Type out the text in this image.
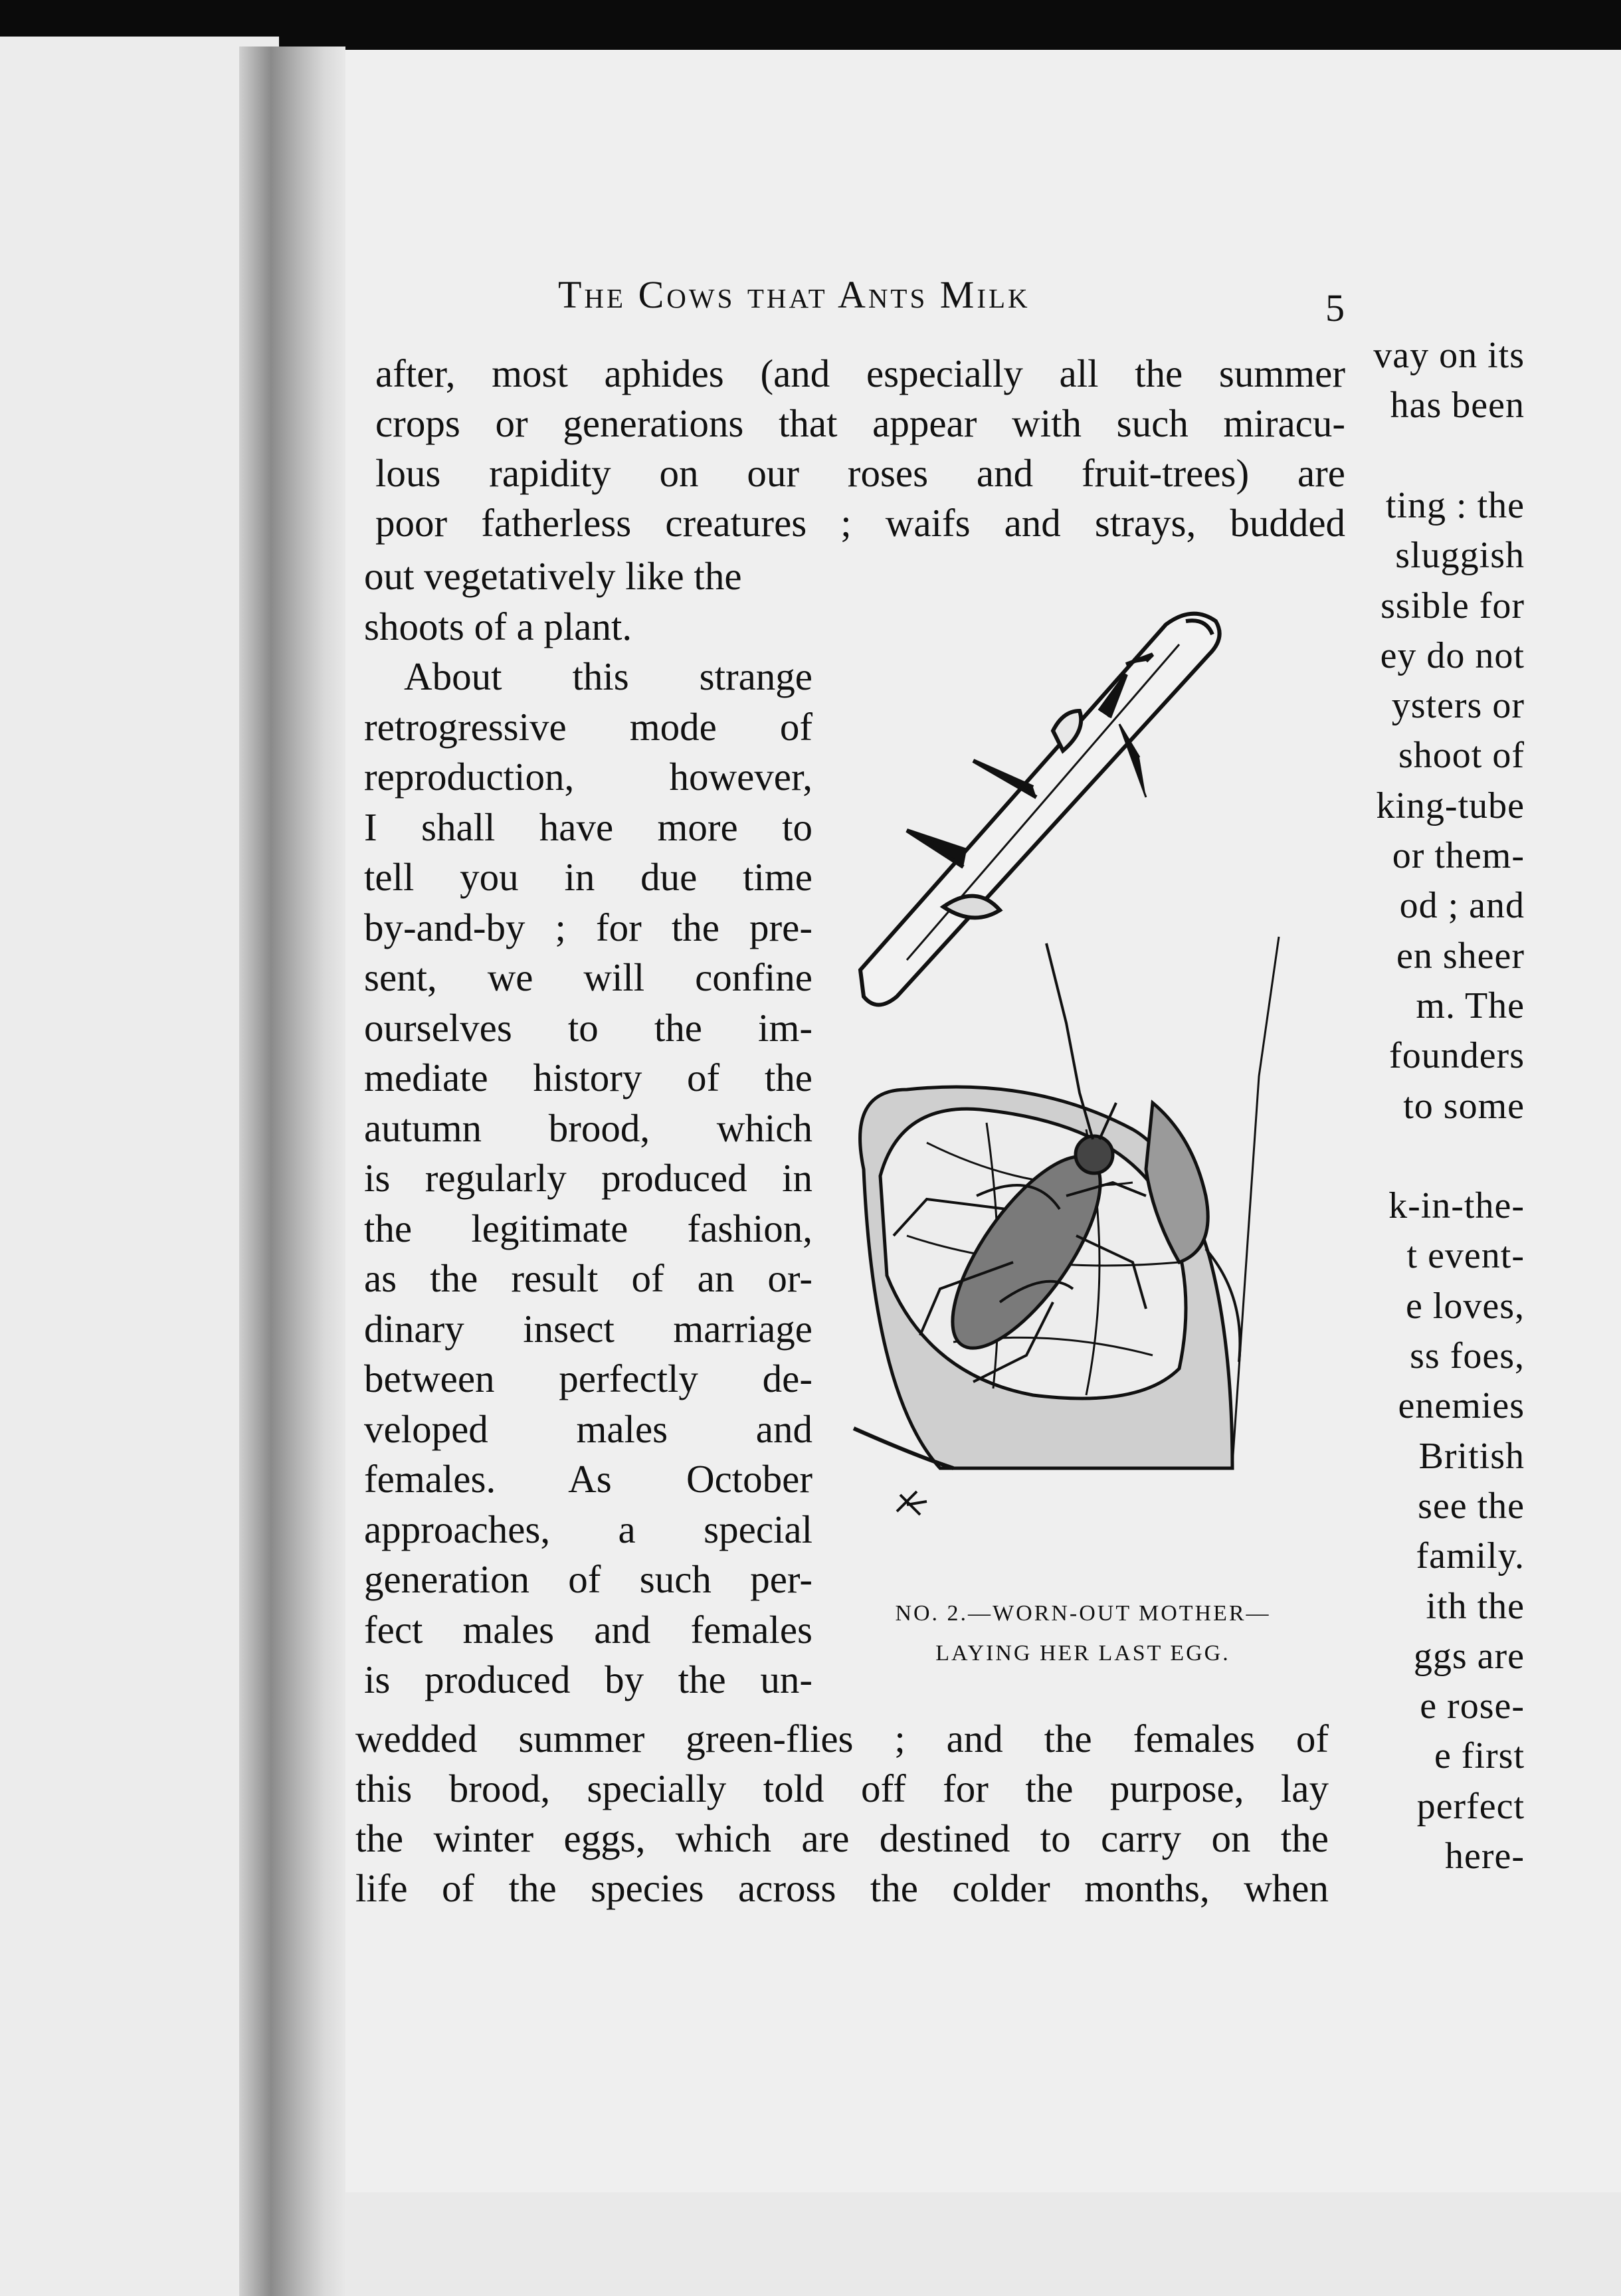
vay on its
has been
ting : the
sluggish
ssible for
ey do not
ysters or
shoot of
king-tube
or them-
od ; and
en sheer
m. The
founders
to some
k-in-the-
t event-
e loves,
ss foes,
enemies
British
see the
family.
ith the
ggs are
e rose-
e first
perfect
here-
The Cows that Ants Milk	5
after, most aphides (and especially all the summer
crops or generations that appear with such miracu-
lous rapidity on our roses and fruit-trees) are
poor fatherless creatures ; waifs and strays, budded
out vegetatively like the
shoots of a plant.
About this strange
retrogressive mode of
reproduction, however,
I shall have more to
tell you in due time
by-and-by ; for the pre-
sent, we will confine
ourselves to the im-
mediate history of the
autumn brood, which
is regularly produced in
the legitimate fashion,
as the result of an or-
dinary insect marriage
between perfectly de-
veloped males and
females. As October
approaches, a special
generation of such per-
fect males and females
is produced by the un-
wedded summer green-flies ; and the females of
this brood, specially told off for the purpose, lay
the winter eggs, which are destined to carry on the
life of the species across the colder months, when
NO. 2.—WORN-OUT MOTHER—
LAYING HER LAST EGG.
